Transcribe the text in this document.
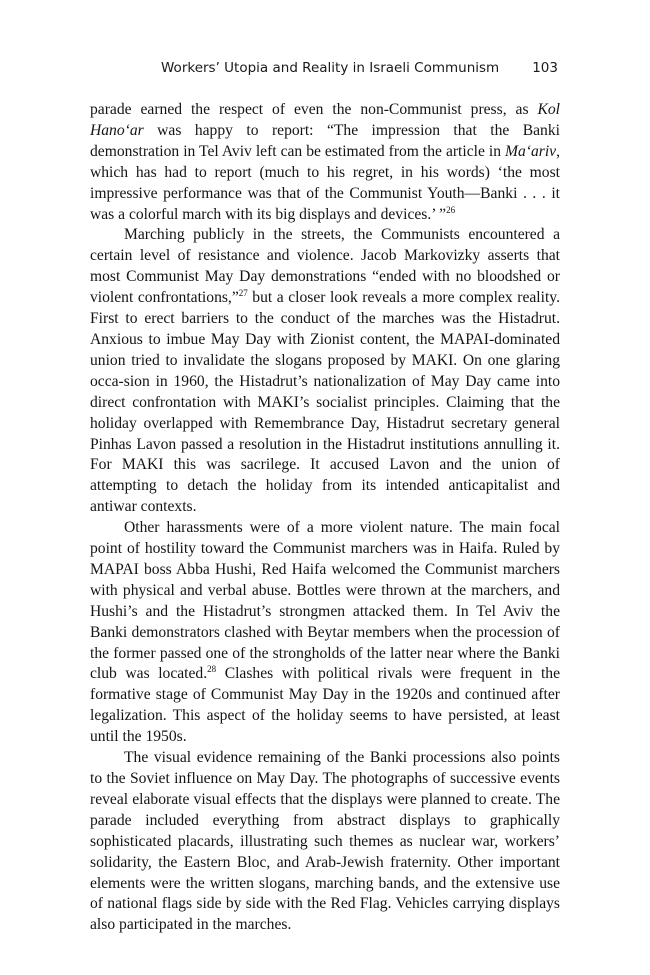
Workers’ Utopia and Reality in Israeli Communism 103

parade earned the respect of even the non-Communist press, as Kol Hanoʻar was happy to report: “The impression that the Banki demonstration in Tel Aviv left can be estimated from the article in Maʻariv, which has had to report (much to his regret, in his words) ‘the most impressive performance was that of the Communist Youth—Banki . . . it was a colorful march with its big displays and devices.’ ”$^{26}$

Marching publicly in the streets, the Communists encountered a certain level of resistance and violence. Jacob Markovizky asserts that most Communist May Day demonstrations “ended with no bloodshed or violent confrontations,”$^{27}$ but a closer look reveals a more complex reality. First to erect barriers to the conduct of the marches was the Histadrut. Anxious to imbue May Day with Zionist content, the MAPAI-dominated union tried to invalidate the slogans proposed by MAKI. On one glaring occa-sion in 1960, the Histadrut’s nationalization of May Day came into direct confrontation with MAKI’s socialist principles. Claiming that the holiday overlapped with Remembrance Day, Histadrut secretary general Pinhas Lavon passed a resolution in the Histadrut institutions annulling it. For MAKI this was sacrilege. It accused Lavon and the union of attempting to detach the holiday from its intended anticapitalist and antiwar contexts.

Other harassments were of a more violent nature. The main focal point of hostility toward the Communist marchers was in Haifa. Ruled by MAPAI boss Abba Hushi, Red Haifa welcomed the Communist marchers with physical and verbal abuse. Bottles were thrown at the marchers, and Hushi’s and the Histadrut’s strongmen attacked them. In Tel Aviv the Banki demonstrators clashed with Beytar members when the procession of the former passed one of the strongholds of the latter near where the Banki club was located.$^{28}$ Clashes with political rivals were frequent in the formative stage of Communist May Day in the 1920s and continued after legalization. This aspect of the holiday seems to have persisted, at least until the 1950s.

The visual evidence remaining of the Banki processions also points to the Soviet influence on May Day. The photographs of successive events reveal elaborate visual effects that the displays were planned to create. The parade included everything from abstract displays to graphically sophisticated placards, illustrating such themes as nuclear war, workers’ solidarity, the Eastern Bloc, and Arab-Jewish fraternity. Other important elements were the written slogans, marching bands, and the extensive use of national flags side by side with the Red Flag. Vehicles carrying displays also participated in the marches.
